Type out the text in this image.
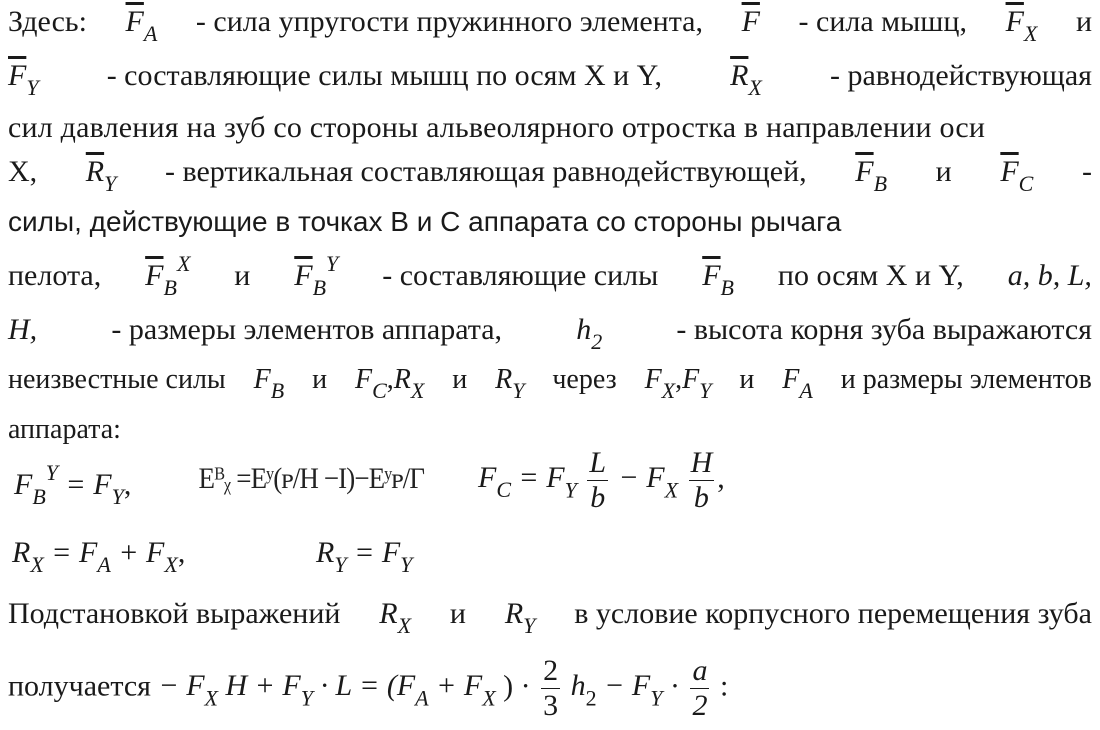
Здесь: $\overline{F}_A$ - сила упругости пружинного элемента, $\overline{F}$ - сила мышц, $\overline{F}_X$ и
$\overline{F}_Y$ - составляющие силы мышц по осям X и Y, $\overline{R}_X$ - равнодействующая
сил давления на зуб со стороны альвеолярного отростка в направлении оси
X, $\overline{R}_Y$ - вертикальная составляющая равнодействующей, $\overline{F}_B$ и $\overline{F}_C$ -
силы, действующие в точках B и C аппарата со стороны рычага
пелота, $\overline{F}_B^X$ и $\overline{F}_B^Y$ - составляющие силы $\overline{F}_B$ по осям X и Y, a, b, L,
H, - размеры элементов аппарата, $h_2$ - высота корня зуба выражаются
неизвестные силы $F_B$ и $F_C,R_X$ и $R_Y$ через $F_X,F_Y$ и $F_A$ и размеры элементов
аппарата:
$F_B^Y = F_Y$, Eᴮᵪ =Eʸ(ᴩ/H −I)−Eʸᴩ/Γ $F_C = F_Y \frac{L}{b} - F_X \frac{H}{b}$ ,
$R_X = F_A + F_X$,	$R_Y = F_Y$
Подстановкой выражений $R_X$ и $R_Y$ в условие корпусного перемещения зуба
получается − $F_X$ $H + F_Y \cdot L = (F_A + F_X$ ) · $\frac{2}{3} h_2 - F_Y \cdot \frac{a}{2}$ :
